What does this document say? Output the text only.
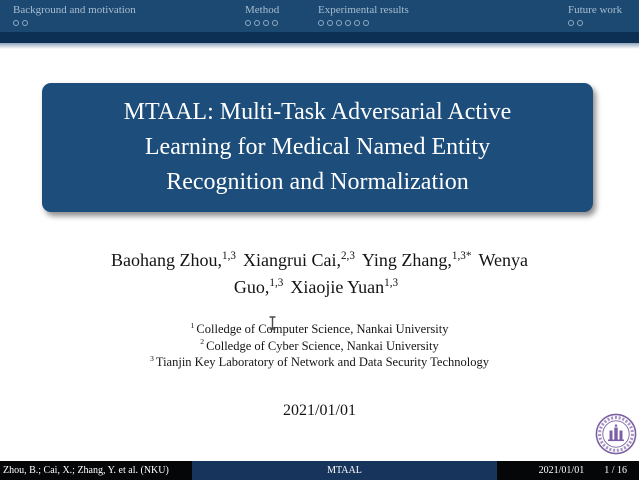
Background and motivation	Method	Experimental results	Future work
MTAAL: Multi-Task Adversarial Active
Learning for Medical Named Entity
Recognition and Normalization
Baohang Zhou,$^{1,3}$ Xiangrui Cai,$^{2,3}$ Ying Zhang,$^{1,3*}$ Wenya Guo,$^{1,3}$ Xiaojie Yuan$^{1,3}$
$^1$ Colledge of Computer Science, Nankai University
$^2$ Colledge of Cyber Science, Nankai University
$^3$ Tianjin Key Laboratory of Network and Data Security Technology
2021/01/01
Zhou, B.; Cai, X.; Zhang, Y. et al. (NKU)	MTAAL	2021/01/01 1 / 16
